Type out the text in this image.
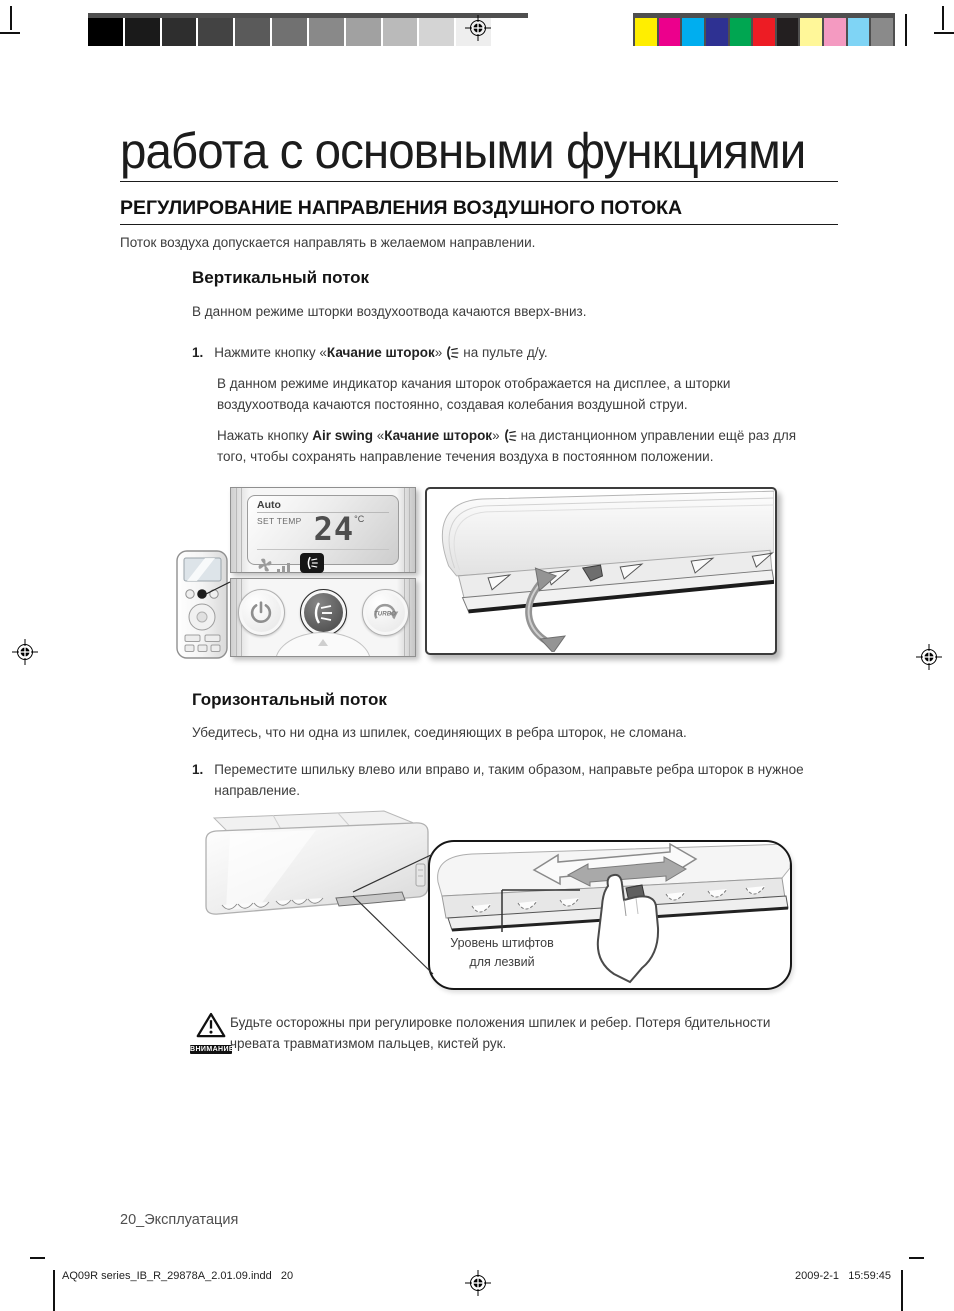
работа с основными функциями
РЕГУЛИРОВАНИЕ НАПРАВЛЕНИЯ ВОЗДУШНОГО ПОТОКА
Поток воздуха допускается направлять в желаемом направлении.
Вертикальный поток
В данном режиме шторки воздухоотвода качаются вверх-вниз.
1. Нажмите кнопку «Качание шторок» на пульте д/у.
В данном режиме индикатор качания шторок отображается на дисплее, а шторки воздухоотвода качаются постоянно, создавая колебания воздушной струи.
Нажать кнопку Air swing «Качание шторок» на дистанционном управлении ещё раз для того, чтобы сохранять направление течения воздуха в постоянном положении.
Auto
SET TEMP 24 °C
TURBO
Горизонтальный поток
Убедитесь, что ни одна из шпилек, соединяющих в ребра шторок, не сломана.
1. Переместите шпильку влево или вправо и, таким образом, направьте ребра шторок в нужное направление.
Уровень штифтов
для лезвий
ВНИМАНИЕ
Будьте осторожны при регулировке положения шпилек и ребер. Потеря бдительности чревата травматизмом пальцев, кистей рук.
20_Эксплуатация
AQ09R series_IB_R_29878A_2.01.09.indd   20	2009-2-1   15:59:45
